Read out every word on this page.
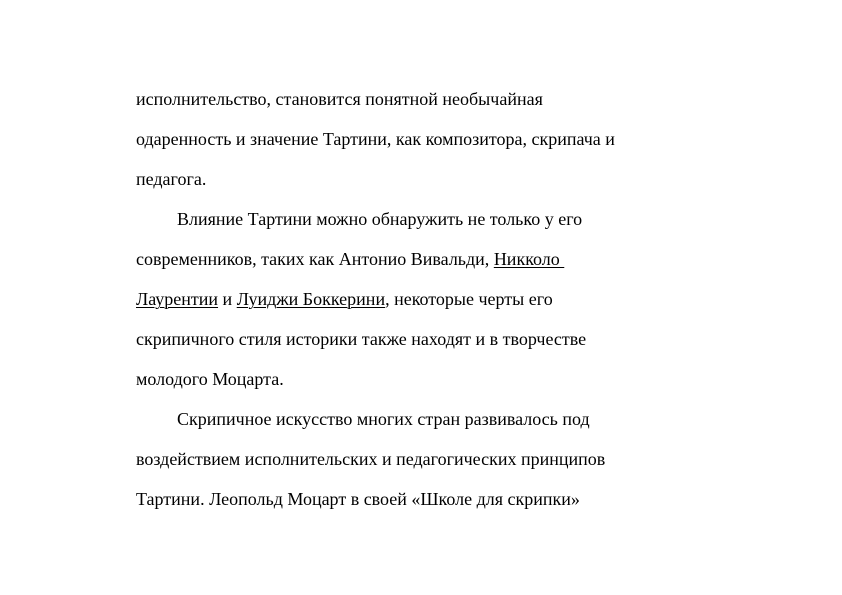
исполнительство, становится понятной необычайная
одаренность и значение Тартини, как композитора, скрипача и
педагога.
Влияние Тартини можно обнаружить не только у его
современников, таких как Антонио Вивальди, Никколо
Лаурентии и Луиджи Боккерини, некоторые черты его
скрипичного стиля историки также находят и в творчестве
молодого Моцарта.
Скрипичное искусство многих стран развивалось под
воздействием исполнительских и педагогических принципов
Тартини. Леопольд Моцарт в своей «Школе для скрипки»
